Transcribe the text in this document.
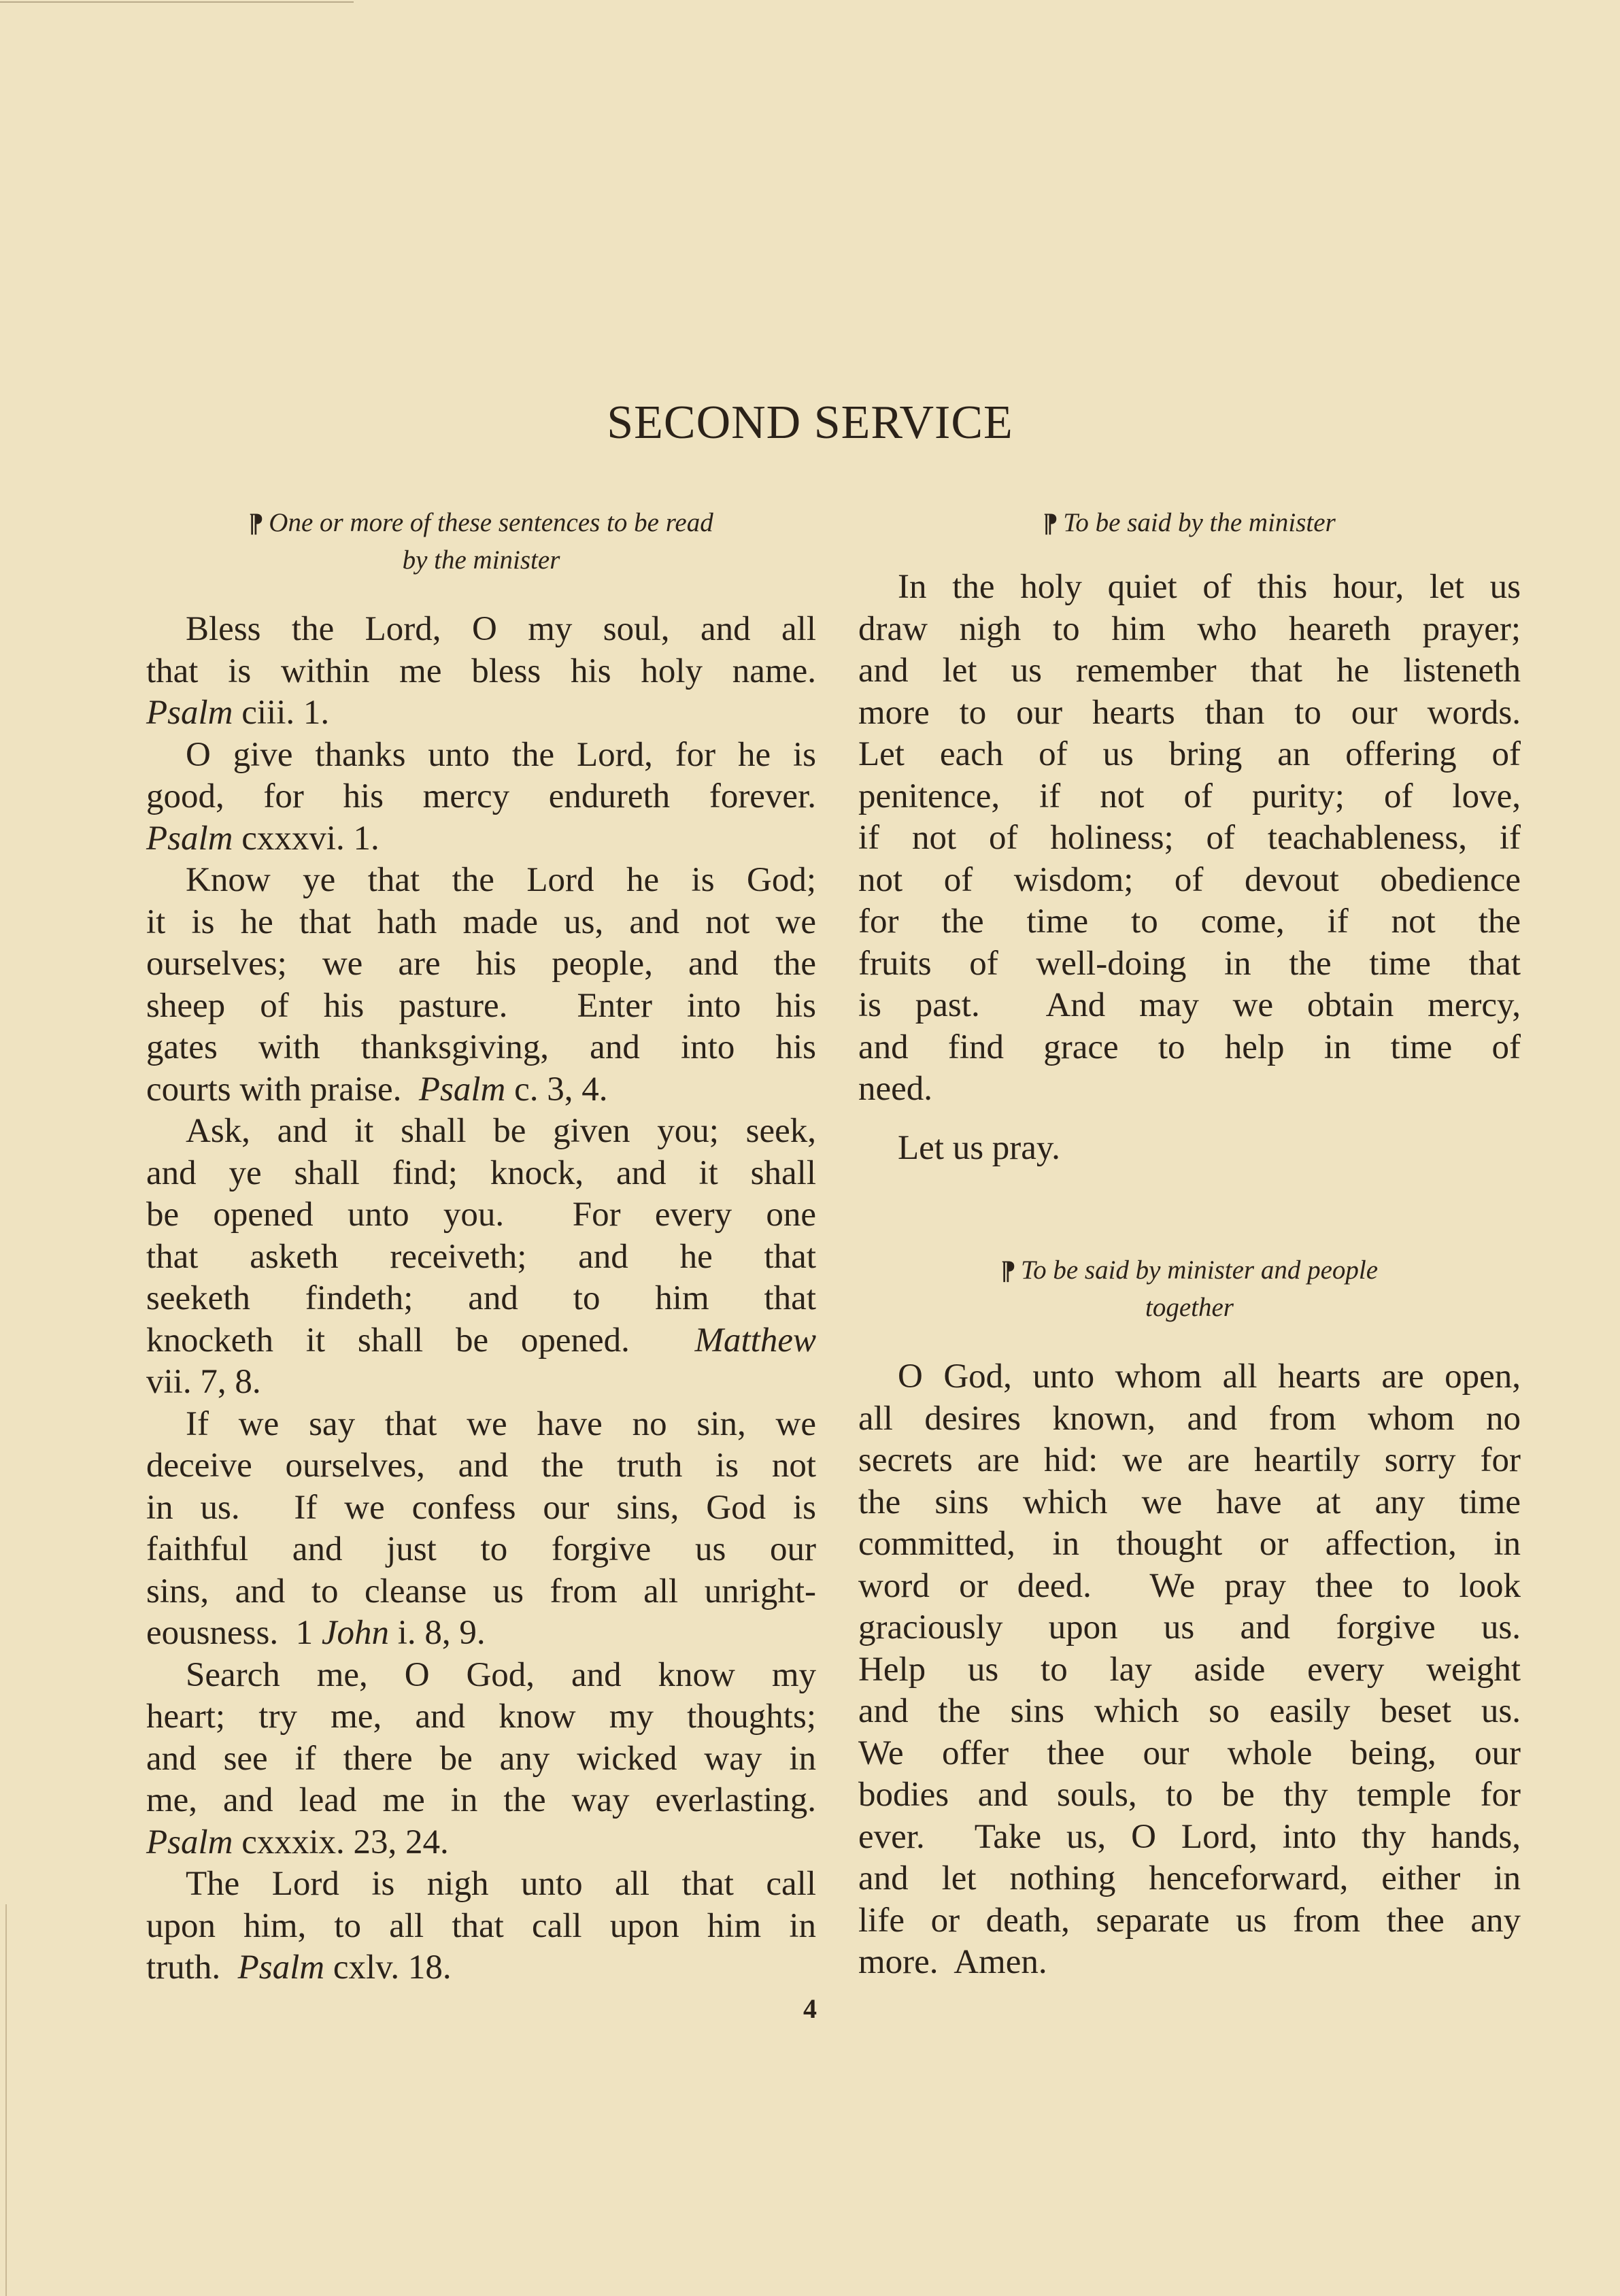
SECOND SERVICE
¶ One or more of these sentences to be read
by the minister
Bless the Lord, O my soul, and all
that is within me bless his holy name.
Psalm ciii. 1.
O give thanks unto the Lord, for he is
good, for his mercy endureth forever.
Psalm cxxxvi. 1.
Know ye that the Lord he is God;
it is he that hath made us, and not we
ourselves; we are his people, and the
sheep of his pasture.  Enter into his
gates with thanksgiving, and into his
courts with praise.  Psalm c. 3, 4.
Ask, and it shall be given you; seek,
and ye shall find; knock, and it shall
be opened unto you.  For every one
that asketh receiveth; and he that
seeketh findeth; and to him that
knocketh it shall be opened.  Matthew
vii. 7, 8.
If we say that we have no sin, we
deceive ourselves, and the truth is not
in us.  If we confess our sins, God is
faithful and just to forgive us our
sins, and to cleanse us from all unright-
eousness.  1 John i. 8, 9.
Search me, O God, and know my
heart; try me, and know my thoughts;
and see if there be any wicked way in
me, and lead me in the way everlasting.
Psalm cxxxix. 23, 24.
The Lord is nigh unto all that call
upon him, to all that call upon him in
truth.  Psalm cxlv. 18.
¶ To be said by the minister
In the holy quiet of this hour, let us
draw nigh to him who heareth prayer;
and let us remember that he listeneth
more to our hearts than to our words.
Let each of us bring an offering of
penitence, if not of purity; of love,
if not of holiness; of teachableness, if
not of wisdom; of devout obedience
for the time to come, if not the
fruits of well-doing in the time that
is past.  And may we obtain mercy,
and find grace to help in time of
need.
Let us pray.
¶ To be said by minister and people
together
O God, unto whom all hearts are open,
all desires known, and from whom no
secrets are hid: we are heartily sorry for
the sins which we have at any time
committed, in thought or affection, in
word or deed.  We pray thee to look
graciously upon us and forgive us.
Help us to lay aside every weight
and the sins which so easily beset us.
We offer thee our whole being, our
bodies and souls, to be thy temple for
ever.  Take us, O Lord, into thy hands,
and let nothing henceforward, either in
life or death, separate us from thee any
more.  Amen.
4
